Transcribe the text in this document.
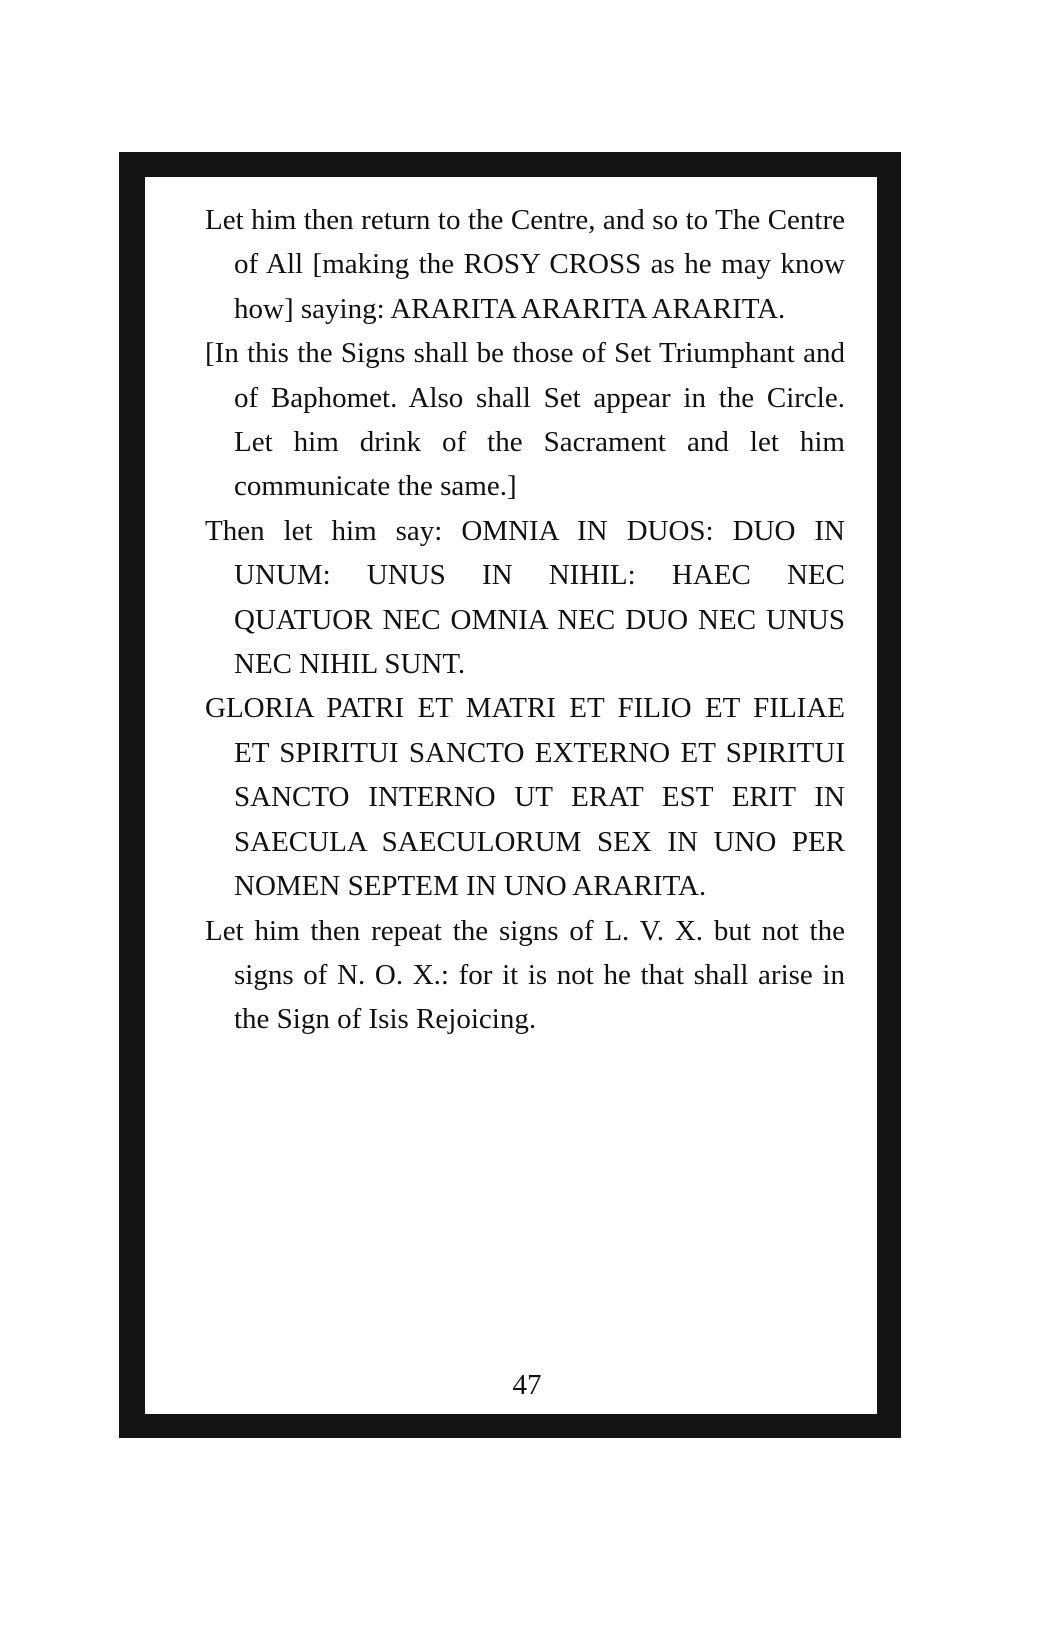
Let him then return to the Centre, and so to The Centre of All [making the ROSY CROSS as he may know how] saying: ARARITA ARARITA ARARITA.

[In this the Signs shall be those of Set Triumphant and of Baphomet. Also shall Set appear in the Circle. Let him drink of the Sacrament and let him communicate the same.]

Then let him say: OMNIA IN DUOS: DUO IN UNUM: UNUS IN NIHIL: HAEC NEC QUATUOR NEC OMNIA NEC DUO NEC UNUS NEC NIHIL SUNT.

GLORIA PATRI ET MATRI ET FILIO ET FILIAE ET SPIRITUI SANCTO EXTERNO ET SPIRITUI SANCTO INTERNO UT ERAT EST ERIT IN SAECULA SAECULORUM SEX IN UNO PER NOMEN SEPTEM IN UNO ARARITA.

Let him then repeat the signs of L. V. X. but not the signs of N. O. X.: for it is not he that shall arise in the Sign of Isis Rejoicing.

47
